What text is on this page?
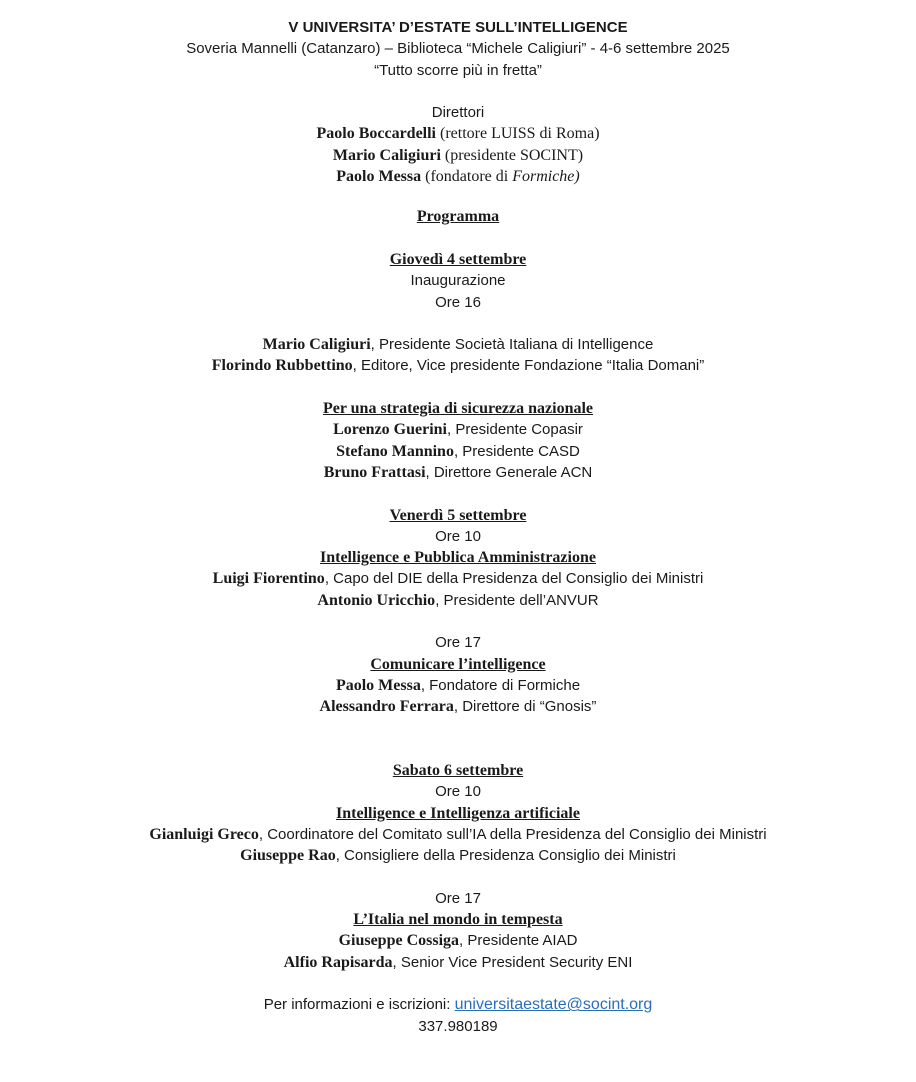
V UNIVERSITA’ D’ESTATE SULL’INTELLIGENCE
Soveria Mannelli (Catanzaro) – Biblioteca “Michele Caligiuri” - 4-6 settembre 2025
“Tutto scorre più in fretta”
Direttori
Paolo Boccardelli (rettore LUISS di Roma)
Mario Caligiuri (presidente SOCINT)
Paolo Messa (fondatore di Formiche)
Programma
Giovedì 4 settembre
Inaugurazione
Ore 16
Mario Caligiuri, Presidente Società Italiana di Intelligence
Florindo Rubbettino, Editore, Vice presidente Fondazione “Italia Domani”
Per una strategia di sicurezza nazionale
Lorenzo Guerini, Presidente Copasir
Stefano Mannino, Presidente CASD
Bruno Frattasi, Direttore Generale ACN
Venerdì 5 settembre
Ore 10
Intelligence e Pubblica Amministrazione
Luigi Fiorentino, Capo del DIE della Presidenza del Consiglio dei Ministri
Antonio Uricchio, Presidente dell’ANVUR
Ore 17
Comunicare l’intelligence
Paolo Messa, Fondatore di Formiche
Alessandro Ferrara, Direttore di “Gnosis”
Sabato 6 settembre
Ore 10
Intelligence e Intelligenza artificiale
Gianluigi Greco, Coordinatore del Comitato sull’IA della Presidenza del Consiglio dei Ministri
Giuseppe Rao, Consigliere della Presidenza Consiglio dei Ministri
Ore 17
L’Italia nel mondo in tempesta
Giuseppe Cossiga, Presidente AIAD
Alfio Rapisarda, Senior Vice President Security ENI
Per informazioni e iscrizioni: universitaestate@socint.org
337.980189
